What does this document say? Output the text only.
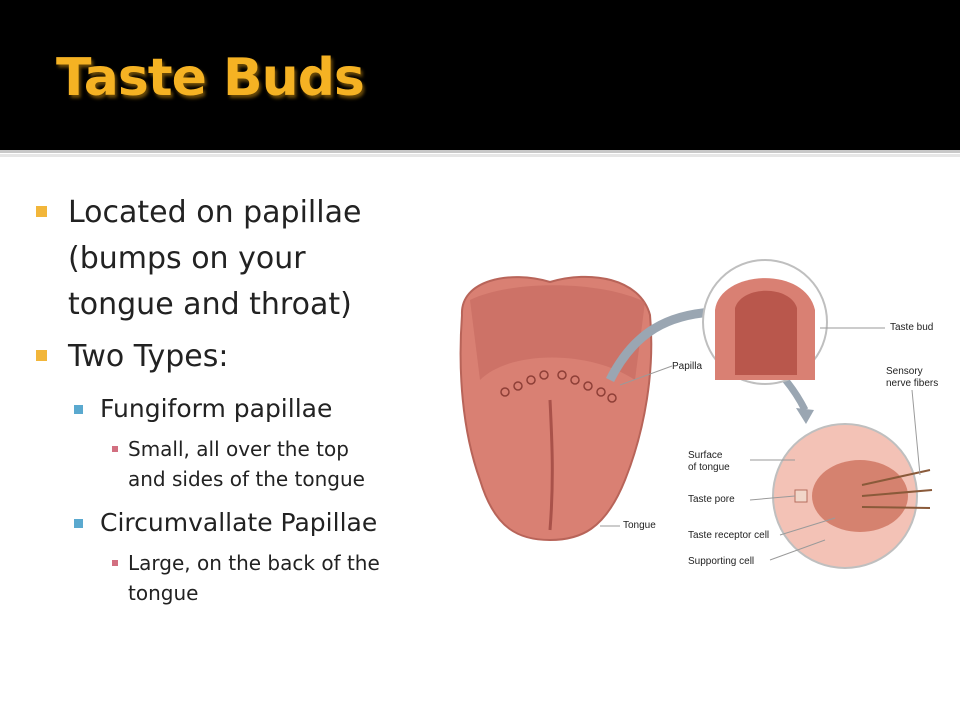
Taste Buds
Located on papillae
(bumps on your
tongue and throat)
Two Types:
Fungiform papillae
Small, all over the top
and sides of the tongue
Circumvallate Papillae
Large, on the back of the
tongue
Papilla
Taste bud
Sensory
nerve fibers
Surface
of tongue
Taste pore
Taste receptor cell
Supporting cell
Tongue
